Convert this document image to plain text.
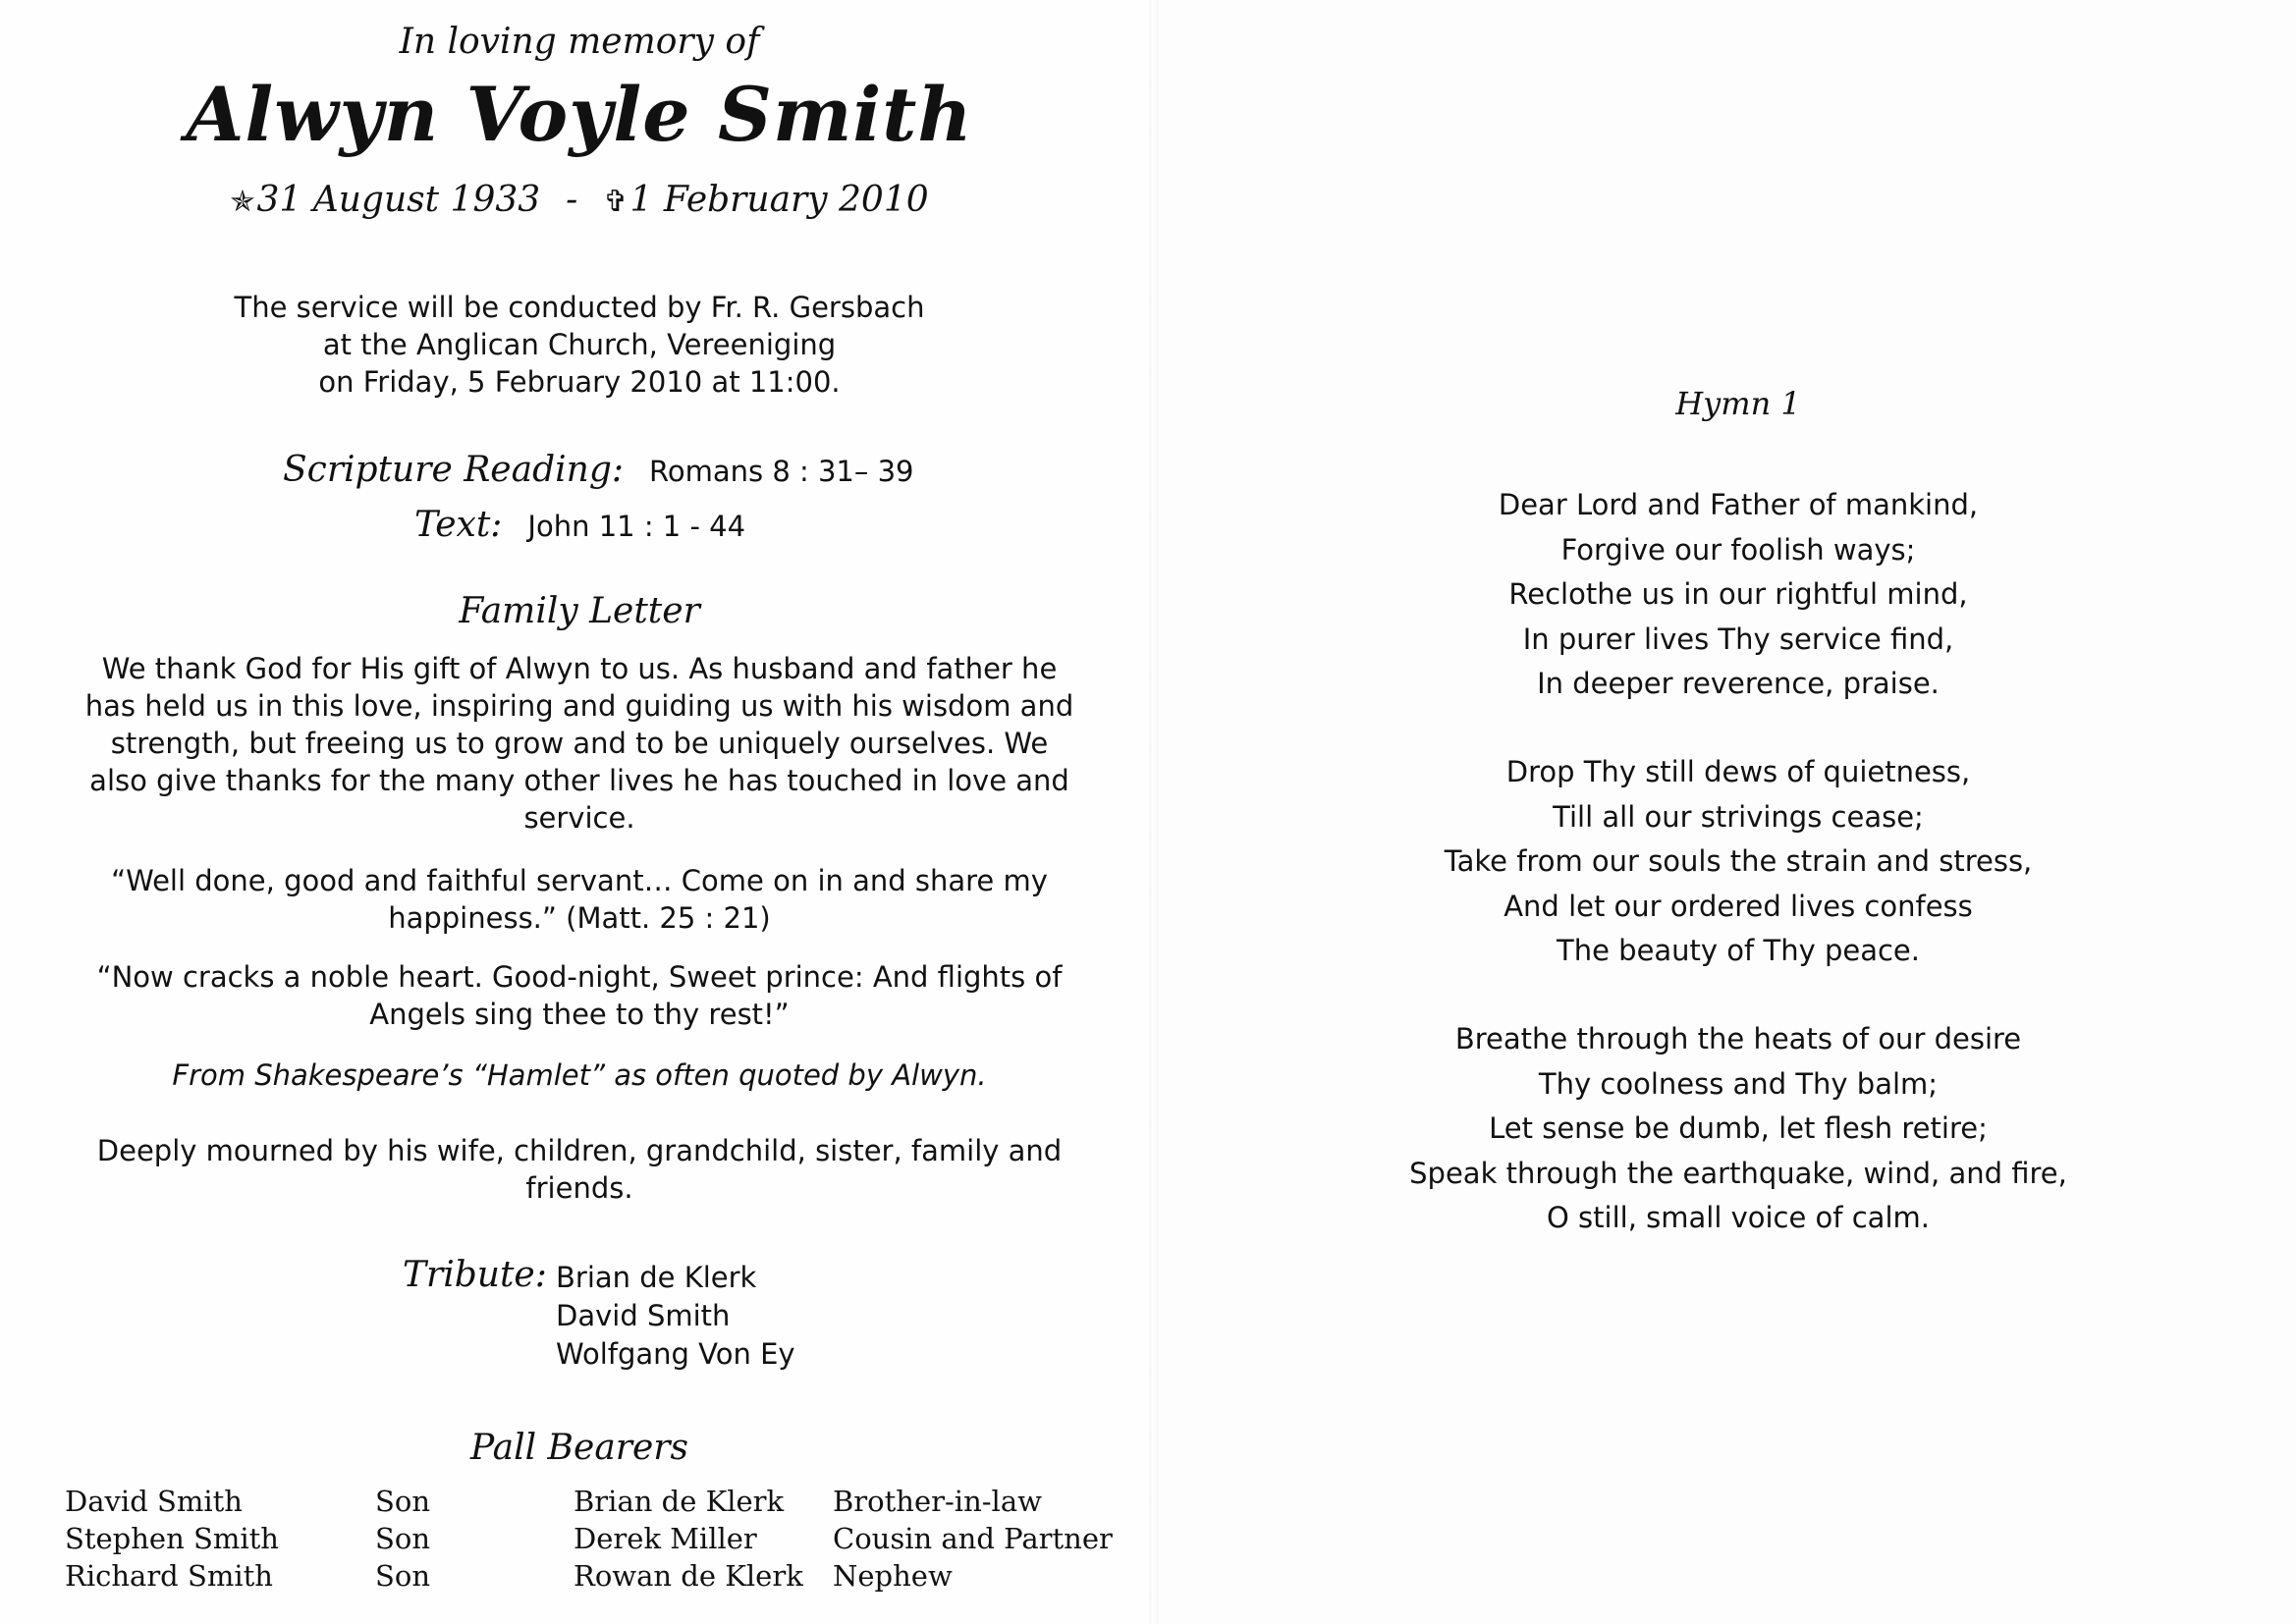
In loving memory of
Alwyn Voyle Smith
✯31 August 1933 - ✞1 February 2010
The service will be conducted by Fr. R. Gersbach
at the Anglican Church, Vereeniging
on Friday, 5 February 2010 at 11:00.
Scripture Reading: Romans 8 : 31– 39
Text: John 11 : 1 - 44
Family Letter
We thank God for His gift of Alwyn to us. As husband and father he has held us in this love, inspiring and guiding us with his wisdom and strength, but freeing us to grow and to be uniquely ourselves. We also give thanks for the many other lives he has touched in love and service.
“Well done, good and faithful servant… Come on in and share my happiness.” (Matt. 25 : 21)
“Now cracks a noble heart. Good-night, Sweet prince: And flights of Angels sing thee to thy rest!”
From Shakespeare’s “Hamlet” as often quoted by Alwyn.
Deeply mourned by his wife, children, grandchild, sister, family and friends.
Tribute: Brian de Klerk
David Smith
Wolfgang Von Ey
Pall Bearers
David Smith	Son	Brian de Klerk	Brother-in-law
Stephen Smith	Son	Derek Miller	Cousin and Partner
Richard Smith	Son	Rowan de Klerk	Nephew
Hymn 1
Dear Lord and Father of mankind,
Forgive our foolish ways;
Reclothe us in our rightful mind,
In purer lives Thy service find,
In deeper reverence, praise.
Drop Thy still dews of quietness,
Till all our strivings cease;
Take from our souls the strain and stress,
And let our ordered lives confess
The beauty of Thy peace.
Breathe through the heats of our desire
Thy coolness and Thy balm;
Let sense be dumb, let flesh retire;
Speak through the earthquake, wind, and fire,
O still, small voice of calm.
